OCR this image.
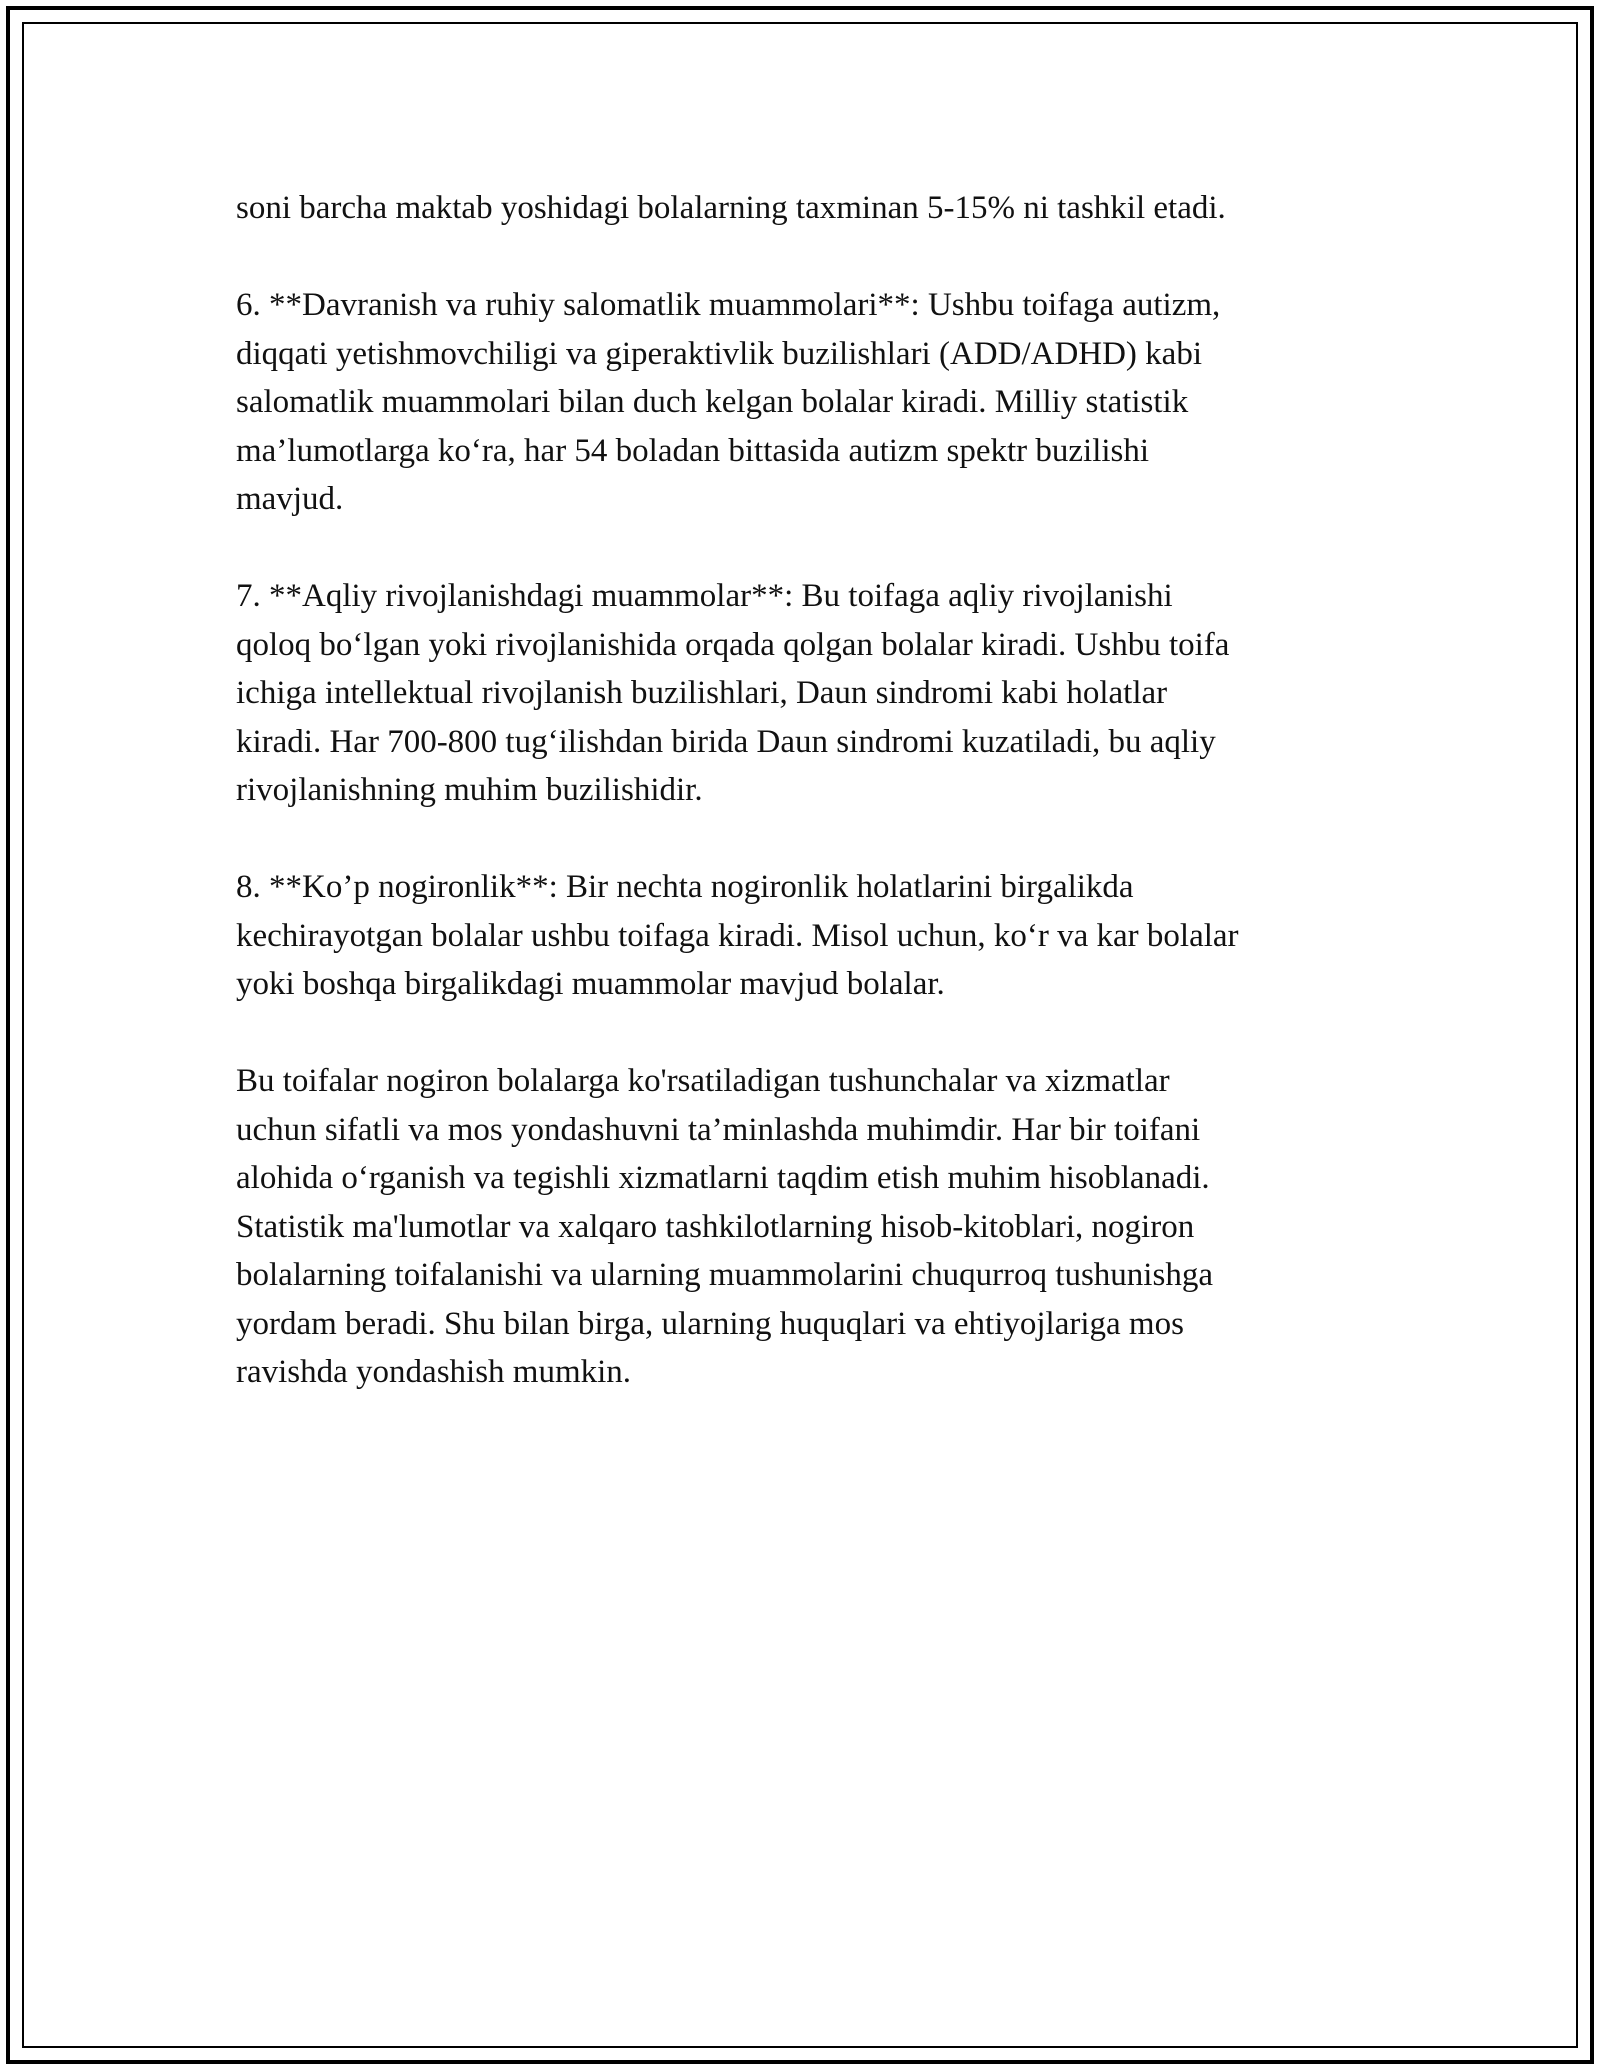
soni barcha maktab yoshidagi bolalarning taxminan 5-15% ni tashkil etadi.

6. **Davranish va ruhiy salomatlik muammolari**: Ushbu toifaga autizm,
diqqati yetishmovchiligi va giperaktivlik buzilishlari (ADD/ADHD) kabi
salomatlik muammolari bilan duch kelgan bolalar kiradi. Milliy statistik
ma’lumotlarga ko‘ra, har 54 boladan bittasida autizm spektr buzilishi
mavjud.

7. **Aqliy rivojlanishdagi muammolar**: Bu toifaga aqliy rivojlanishi
qoloq bo‘lgan yoki rivojlanishida orqada qolgan bolalar kiradi. Ushbu toifa
ichiga intellektual rivojlanish buzilishlari, Daun sindromi kabi holatlar
kiradi. Har 700-800 tug‘ilishdan birida Daun sindromi kuzatiladi, bu aqliy
rivojlanishning muhim buzilishidir.

8. **Ko’p nogironlik**: Bir nechta nogironlik holatlarini birgalikda
kechirayotgan bolalar ushbu toifaga kiradi. Misol uchun, ko‘r va kar bolalar
yoki boshqa birgalikdagi muammolar mavjud bolalar.

Bu toifalar nogiron bolalarga ko'rsatiladigan tushunchalar va xizmatlar
uchun sifatli va mos yondashuvni ta’minlashda muhimdir. Har bir toifani
alohida o‘rganish va tegishli xizmatlarni taqdim etish muhim hisoblanadi.
Statistik ma'lumotlar va xalqaro tashkilotlarning hisob-kitoblari, nogiron
bolalarning toifalanishi va ularning muammolarini chuqurroq tushunishga
yordam beradi. Shu bilan birga, ularning huquqlari va ehtiyojlariga mos
ravishda yondashish mumkin.
